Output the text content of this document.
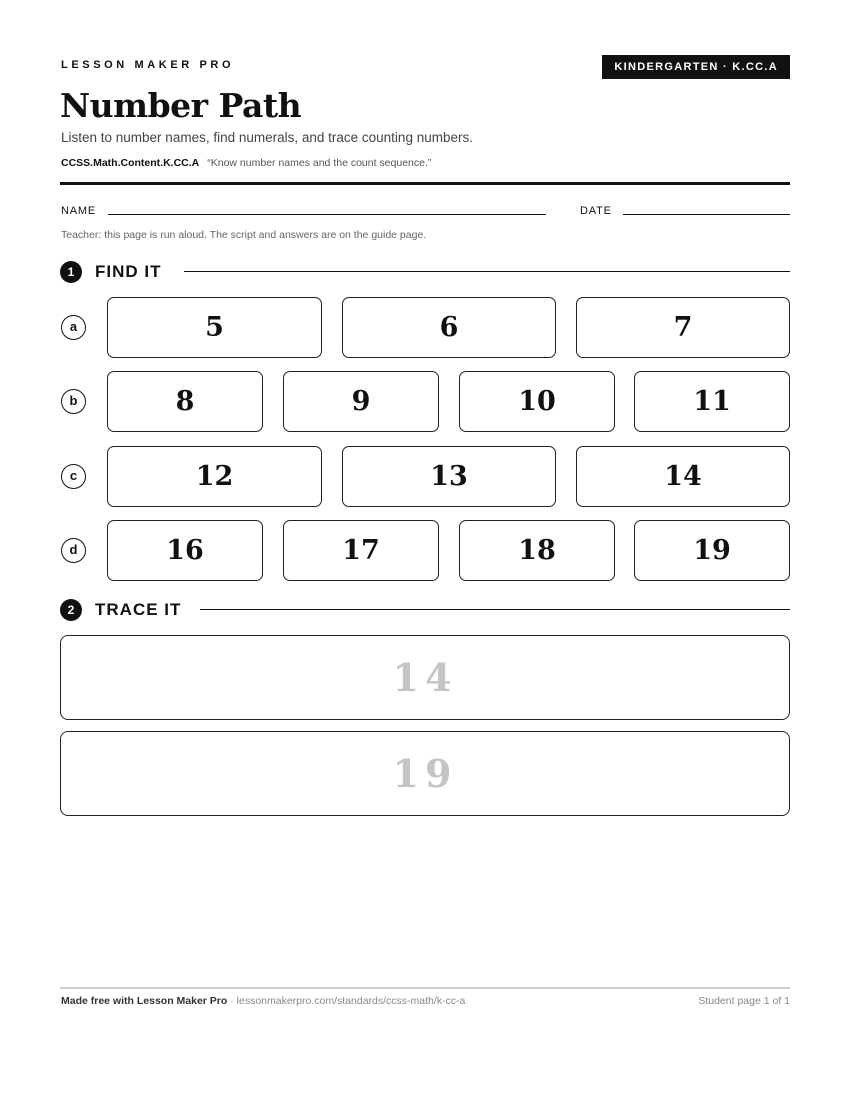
LESSON MAKER PRO	KINDERGARTEN · K.CC.A
Number Path
Listen to number names, find numerals, and trace counting numbers.
CCSS.Math.Content.K.CC.A “Know number names and the count sequence.”
NAME	DATE
Teacher: this page is run aloud. The script and answers are on the guide page.
1	FIND IT
a	5	6	7
b	8	9	10	11
c	12	13	14
d	16	17	18	19
2	TRACE IT
14
19
Made free with Lesson Maker Pro · lessonmakerpro.com/standards/ccss-math/k-cc-a	Student page 1 of 1
